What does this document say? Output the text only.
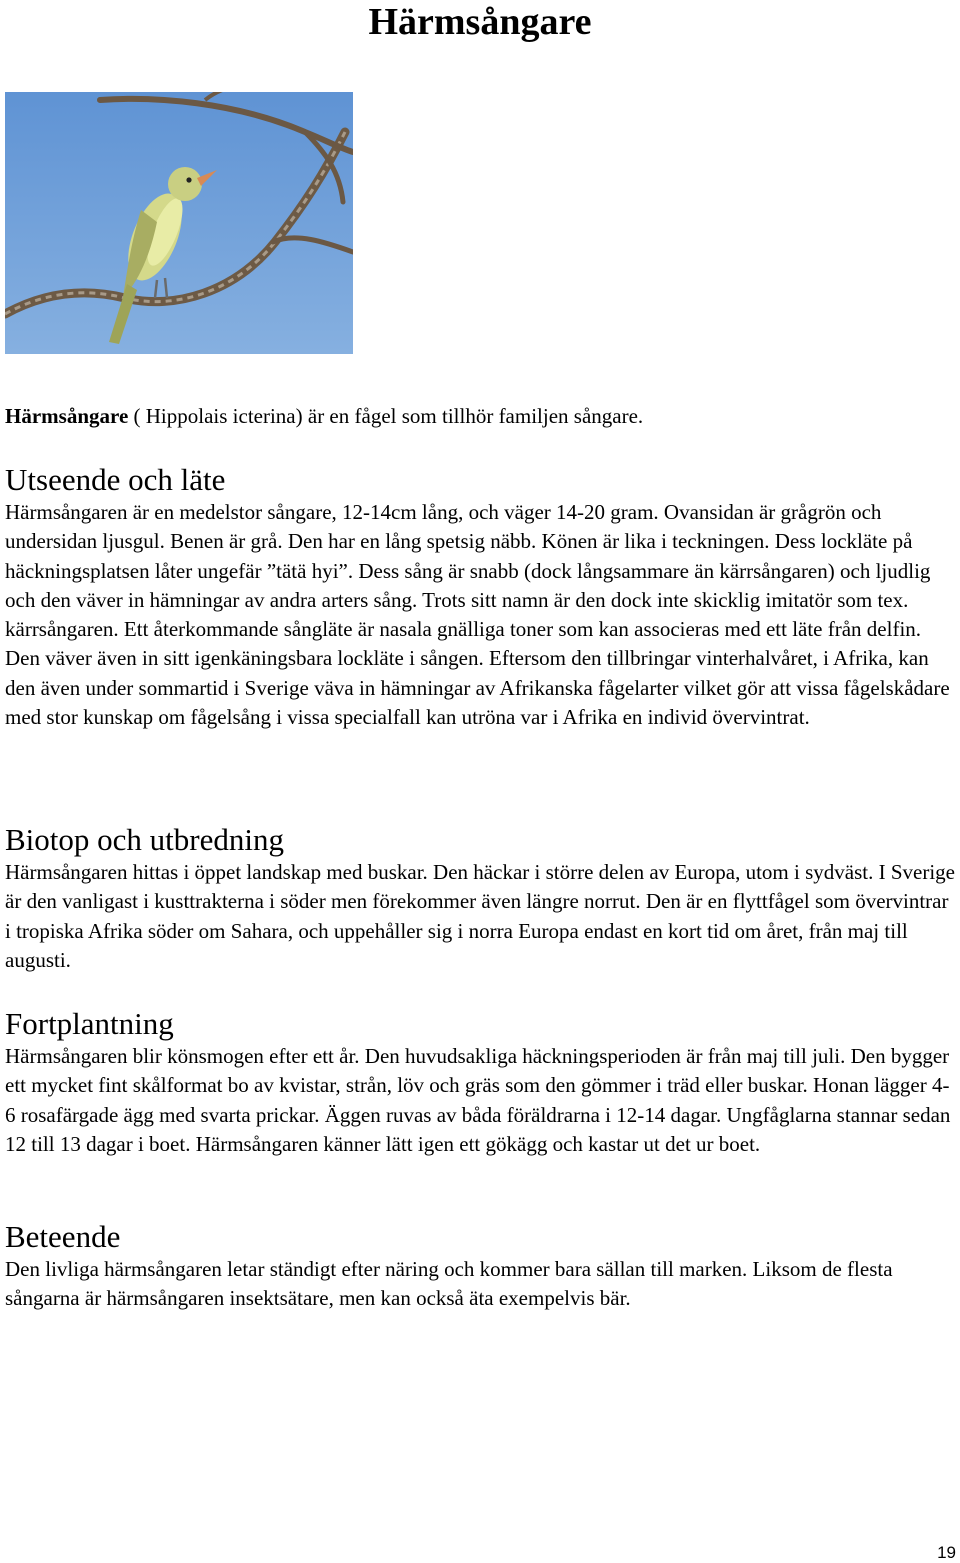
Härmsångare

Härmsångare ( Hippolais icterina) är en fågel som tillhör familjen sångare.

Utseende och läte

Härmsångaren är en medelstor sångare, 12-14cm lång, och väger 14-20 gram. Ovansidan är grågrön och undersidan ljusgul. Benen är grå. Den har en lång spetsig näbb. Könen är lika i teckningen. Dess lockläte på häckningsplatsen låter ungefär ”tätä hyi”. Dess sång är snabb (dock långsammare än kärrsångaren) och ljudlig och den väver in hämningar av andra arters sång. Trots sitt namn är den dock inte skicklig imitatör som tex. kärrsångaren. Ett återkommande sångläte är nasala gnälliga toner som kan associeras med ett läte från delfin. Den väver även in sitt igenkäningsbara lockläte i sången. Eftersom den tillbringar vinterhalvåret, i Afrika, kan den även under sommartid i Sverige väva in hämningar av Afrikanska fågelarter vilket gör att vissa fågelskådare med stor kunskap om fågelsång i vissa specialfall kan utröna var i Afrika en individ övervintrat.

Biotop och utbredning

Härmsångaren hittas i öppet landskap med buskar. Den häckar i större delen av Europa, utom i sydväst. I Sverige är den vanligast i kusttrakterna i söder men förekommer även längre norrut. Den är en flyttfågel som övervintrar i tropiska Afrika söder om Sahara, och uppehåller sig i norra Europa endast en kort tid om året, från maj till augusti.

Fortplantning

Härmsångaren blir könsmogen efter ett år. Den huvudsakliga häckningsperioden är från maj till juli. Den bygger ett mycket fint skålformat bo av kvistar, strån, löv och gräs som den gömmer i träd eller buskar. Honan lägger 4-6 rosafärgade ägg med svarta prickar. Äggen ruvas av båda föräldrarna i 12-14 dagar. Ungfåglarna stannar sedan 12 till 13 dagar i boet. Härmsångaren känner lätt igen ett gökägg och kastar ut det ur boet.

Beteende

Den livliga härmsångaren letar ständigt efter näring och kommer bara sällan till marken. Liksom de flesta sångarna är härmsångaren insektsätare, men kan också äta exempelvis bär.

19
